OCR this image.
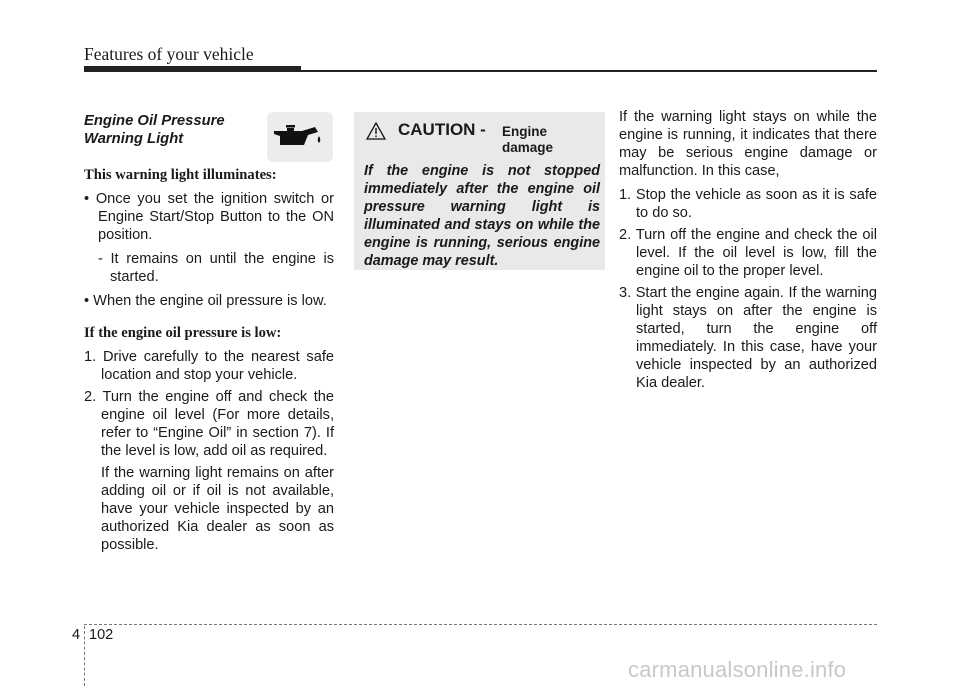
Features of your vehicle
Engine Oil Pressure
Warning Light
This warning light illuminates:
• Once you set the ignition switch or Engine Start/Stop Button to the ON position.
- It remains on until the engine is started.
• When the engine oil pressure is low.
If the engine oil pressure is low:
1. Drive carefully to the nearest safe location and stop your vehicle.
2. Turn the engine off and check the engine oil level (For more details, refer to “Engine Oil” in section 7). If the level is low, add oil as required.
If the warning light remains on after adding oil or if oil is not available, have your vehicle inspected by an authorized Kia dealer as soon as possible.
CAUTION - Engine damage
If the engine is not stopped immediately after the engine oil pressure warning light is illuminated and stays on while the engine is running, serious engine damage may result.
If the warning light stays on while the engine is running, it indicates that there may be serious engine damage or malfunction. In this case,
1. Stop the vehicle as soon as it is safe to do so.
2. Turn off the engine and check the oil level. If the oil level is low, fill the engine oil to the proper level.
3. Start the engine again. If the warning light stays on after the engine is started, turn the engine off immediately. In this case, have your vehicle inspected by an authorized Kia dealer.
4 102
carmanualsonline.info
